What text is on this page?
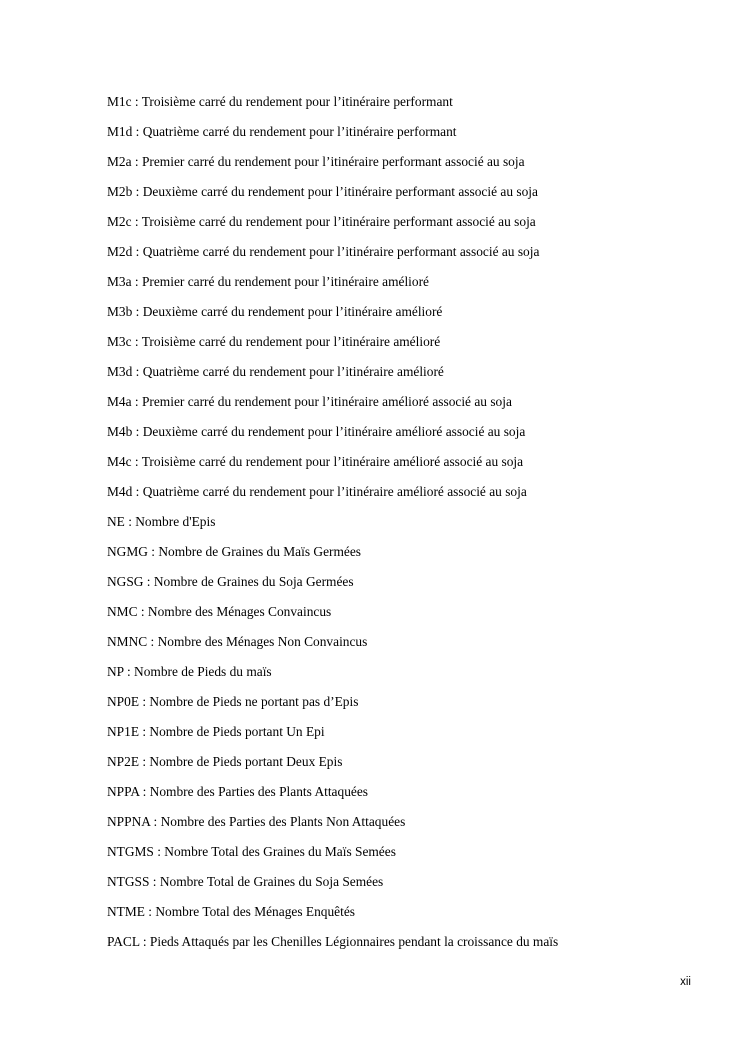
M1c : Troisième carré du rendement pour l’itinéraire performant
M1d : Quatrième carré du rendement pour l’itinéraire performant
M2a : Premier carré du rendement pour l’itinéraire performant associé au soja
M2b : Deuxième carré du rendement pour l’itinéraire performant associé au soja
M2c : Troisième carré du rendement pour l’itinéraire performant associé au soja
M2d : Quatrième carré du rendement pour l’itinéraire performant associé au soja
M3a : Premier carré du rendement pour l’itinéraire amélioré
M3b : Deuxième carré du rendement pour l’itinéraire amélioré
M3c : Troisième carré du rendement pour l’itinéraire amélioré
M3d : Quatrième carré du rendement pour l’itinéraire amélioré
M4a : Premier carré du rendement pour l’itinéraire amélioré associé au soja
M4b : Deuxième carré du rendement pour l’itinéraire amélioré associé au soja
M4c : Troisième carré du rendement pour l’itinéraire amélioré associé au soja
M4d : Quatrième carré du rendement pour l’itinéraire amélioré associé au soja
NE : Nombre d'Epis
NGMG : Nombre de Graines du Maïs Germées
NGSG : Nombre de Graines du Soja Germées
NMC : Nombre des Ménages Convaincus
NMNC : Nombre des Ménages Non Convaincus
NP : Nombre de Pieds du maïs
NP0E : Nombre de Pieds ne portant pas d’Epis
NP1E : Nombre de Pieds portant Un Epi
NP2E : Nombre de Pieds portant Deux Epis
NPPA : Nombre des Parties des Plants Attaquées
NPPNA : Nombre des Parties des Plants Non Attaquées
NTGMS : Nombre Total des Graines du Maïs Semées
NTGSS : Nombre Total de Graines du Soja Semées
NTME : Nombre Total des Ménages Enquêtés
PACL : Pieds Attaqués par les Chenilles Légionnaires pendant la croissance du maïs
xii
